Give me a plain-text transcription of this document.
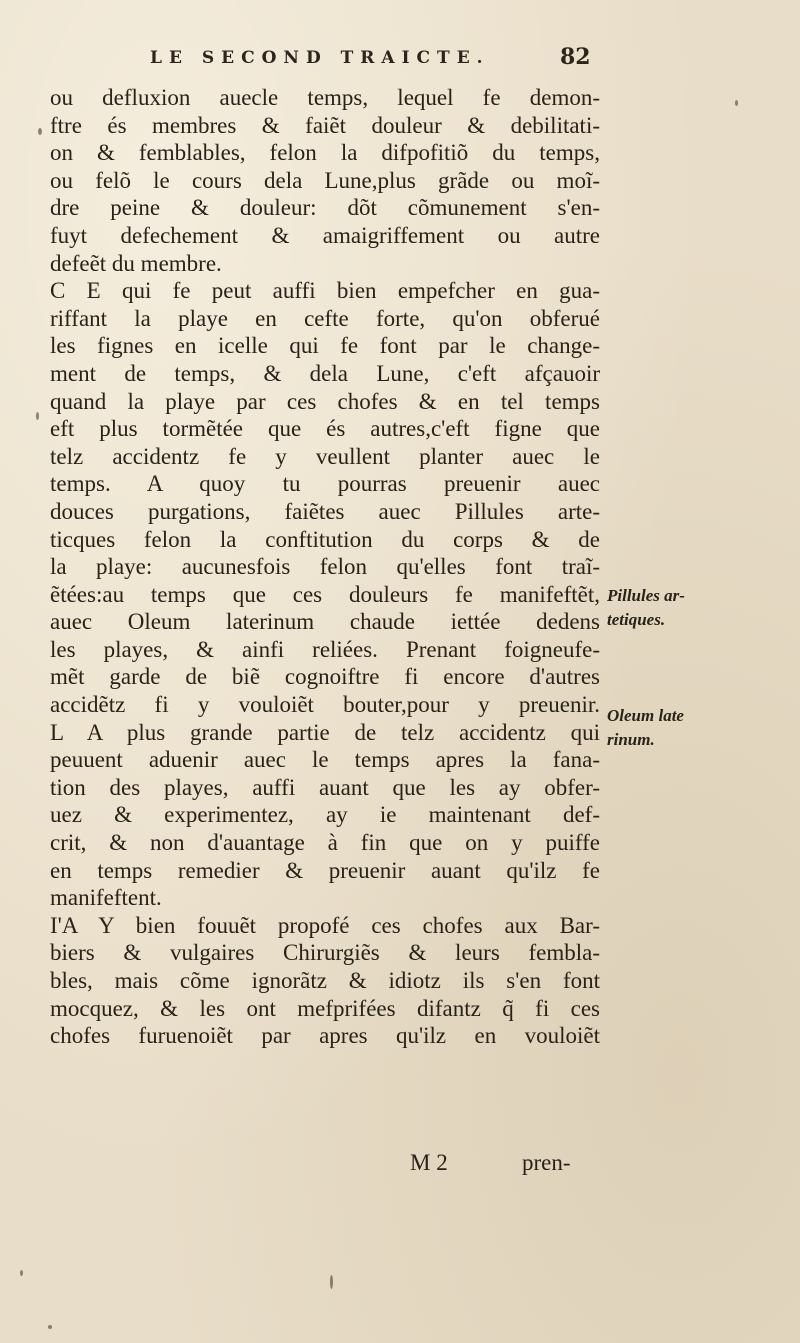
LE SECOND TRAICTE.	82
ou defluxion auecle temps, lequel fe demon-
ftre és membres & faiẽt douleur & debilitati-
on & femblables, felon la difpofitiõ du temps,
ou felõ le cours dela Lune,plus grãde ou moĩ-
dre peine & douleur: dõt cõmunement s'en-
fuyt defechement & amaigriffement ou autre
defeẽt du membre.
C E qui fe peut auffi bien empefcher en gua-
riffant la playe en cefte forte, qu'on obferué
les fignes en icelle qui fe font par le change-
ment de temps, & dela Lune, c'eft afçauoir
quand la playe par ces chofes & en tel temps
eft plus tormẽtée que és autres,c'eft figne que
telz accidentz fe y veullent planter auec le
temps. A quoy tu pourras preuenir auec
douces purgations, faiẽtes auec Pillules arte-
ticques felon la conftitution du corps & de
la playe: aucunesfois felon qu'elles font traĩ-
ẽtées:au temps que ces douleurs fe manifeftẽt,
auec Oleum laterinum chaude iettée dedens
les playes, & ainfi reliées. Prenant foigneufe-
mẽt garde de biẽ cognoiftre fi encore d'autres
accidẽtz fi y vouloiẽt bouter,pour y preuenir.
L A plus grande partie de telz accidentz qui
peuuent aduenir auec le temps apres la fana-
tion des playes, auffi auant que les ay obfer-
uez & experimentez, ay ie maintenant def-
crit, & non d'auantage à fin que on y puiffe
en temps remedier & preuenir auant qu'ilz fe
manifeftent.
I'A Y bien fouuẽt propofé ces chofes aux Bar-
biers & vulgaires Chirurgiẽs & leurs fembla-
bles, mais cõme ignorãtz & idiotz ils s'en font
mocquez, & les ont mefprifées difantz q̃ fi ces
chofes furuenoiẽt par apres qu'ilz en vouloiẽt
M 2	pren-
Pillules ar-
tetiques.
Oleum late
rinum.
